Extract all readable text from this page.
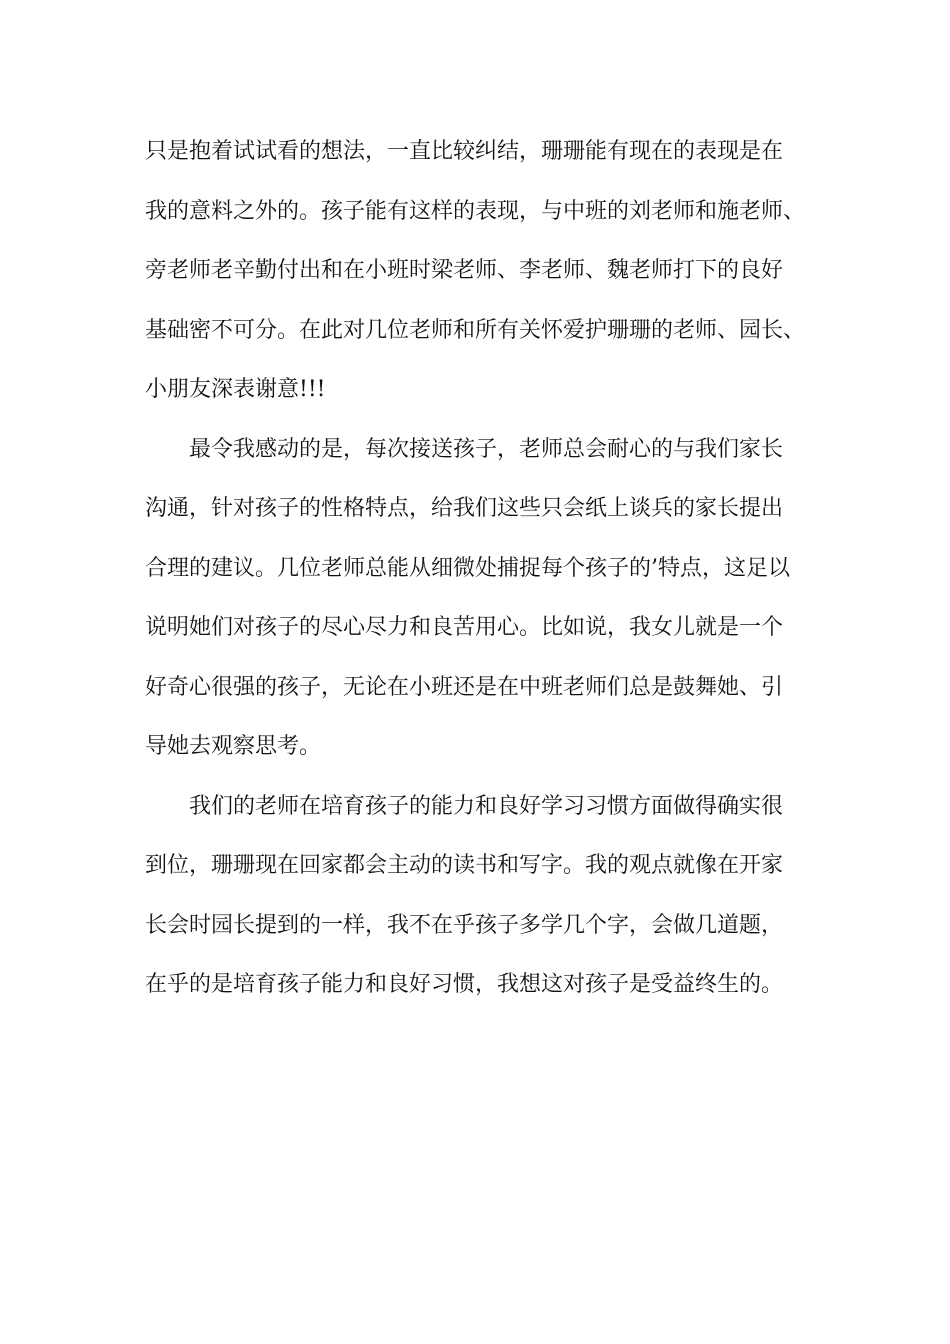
只是抱着试试看的想法，一直比较纠结，珊珊能有现在的表现是在
我的意料之外的。孩子能有这样的表现，与中班的刘老师和施老师、
旁老师老辛勤付出和在小班时梁老师、李老师、魏老师打下的良好
基础密不可分。在此对几位老师和所有关怀爱护珊珊的老师、园长、
小朋友深表谢意!!!
最令我感动的是，每次接送孩子，老师总会耐心的与我们家长
沟通，针对孩子的性格特点，给我们这些只会纸上谈兵的家长提出
合理的建议。几位老师总能从细微处捕捉每个孩子的’特点，这足以
说明她们对孩子的尽心尽力和良苦用心。比如说，我女儿就是一个
好奇心很强的孩子，无论在小班还是在中班老师们总是鼓舞她、引
导她去观察思考。
我们的老师在培育孩子的能力和良好学习习惯方面做得确实很
到位，珊珊现在回家都会主动的读书和写字。我的观点就像在开家
长会时园长提到的一样，我不在乎孩子多学几个字，会做几道题，
在乎的是培育孩子能力和良好习惯，我想这对孩子是受益终生的。
